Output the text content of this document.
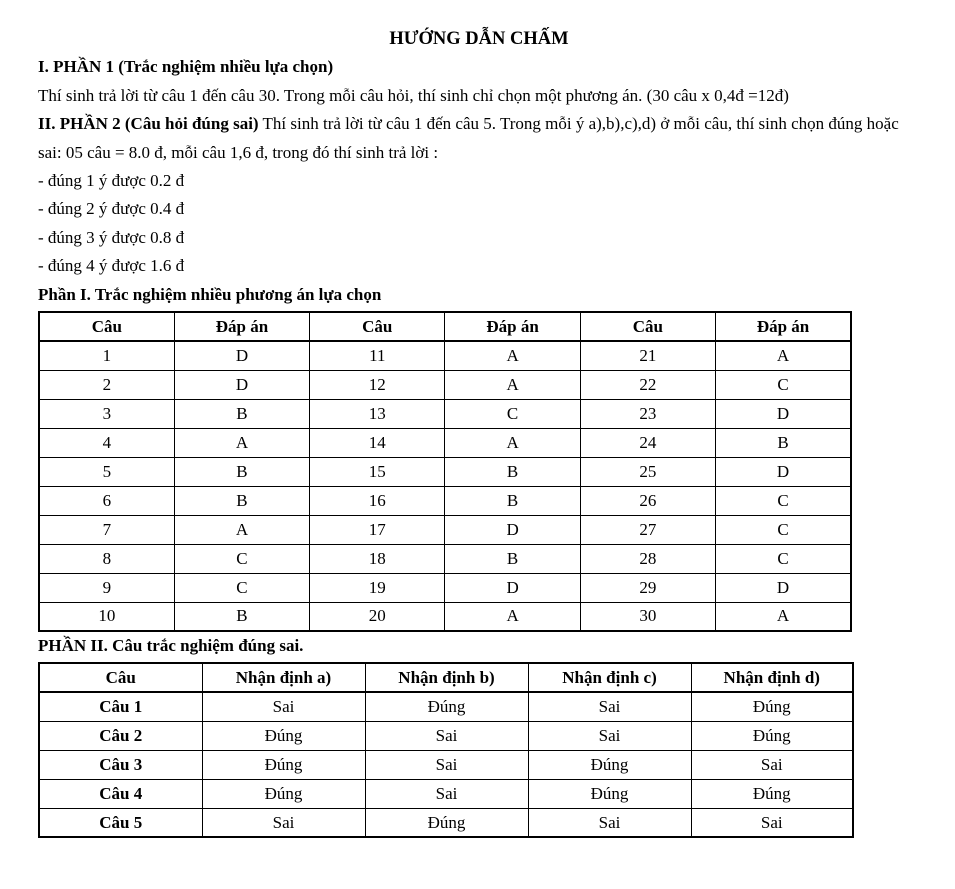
HƯỚNG DẪN CHẤM

I. PHẦN 1 (Trắc nghiệm nhiều lựa chọn)

Thí sinh trả lời từ câu 1 đến câu 30. Trong mỗi câu hỏi, thí sinh chỉ chọn một phương án. (30 câu x 0,4đ =12đ)

II. PHẦN 2 (Câu hỏi đúng sai) Thí sinh trả lời từ câu 1 đến câu 5. Trong mỗi ý a),b),c),d) ở mỗi câu, thí sinh chọn đúng hoặc sai: 05 câu = 8.0 đ, mỗi câu 1,6 đ, trong đó thí sinh trả lời :

- đúng 1 ý được 0.2 đ

- đúng 2 ý được 0.4 đ

- đúng 3 ý được 0.8 đ

- đúng 4 ý được 1.6 đ

Phần I. Trắc nghiệm nhiều phương án lựa chọn

Câu	Đáp án	Câu	Đáp án	Câu	Đáp án
1	D	11	A	21	A
2	D	12	A	22	C
3	B	13	C	23	D
4	A	14	A	24	B
5	B	15	B	25	D
6	B	16	B	26	C
7	A	17	D	27	C
8	C	18	B	28	C
9	C	19	D	29	D
10	B	20	A	30	A

PHẦN II. Câu trắc nghiệm đúng sai.

Câu	Nhận định a)	Nhận định b)	Nhận định c)	Nhận định d)
Câu 1	Sai	Đúng	Sai	Đúng
Câu 2	Đúng	Sai	Sai	Đúng
Câu 3	Đúng	Sai	Đúng	Sai
Câu 4	Đúng	Sai	Đúng	Đúng
Câu 5	Sai	Đúng	Sai	Sai
